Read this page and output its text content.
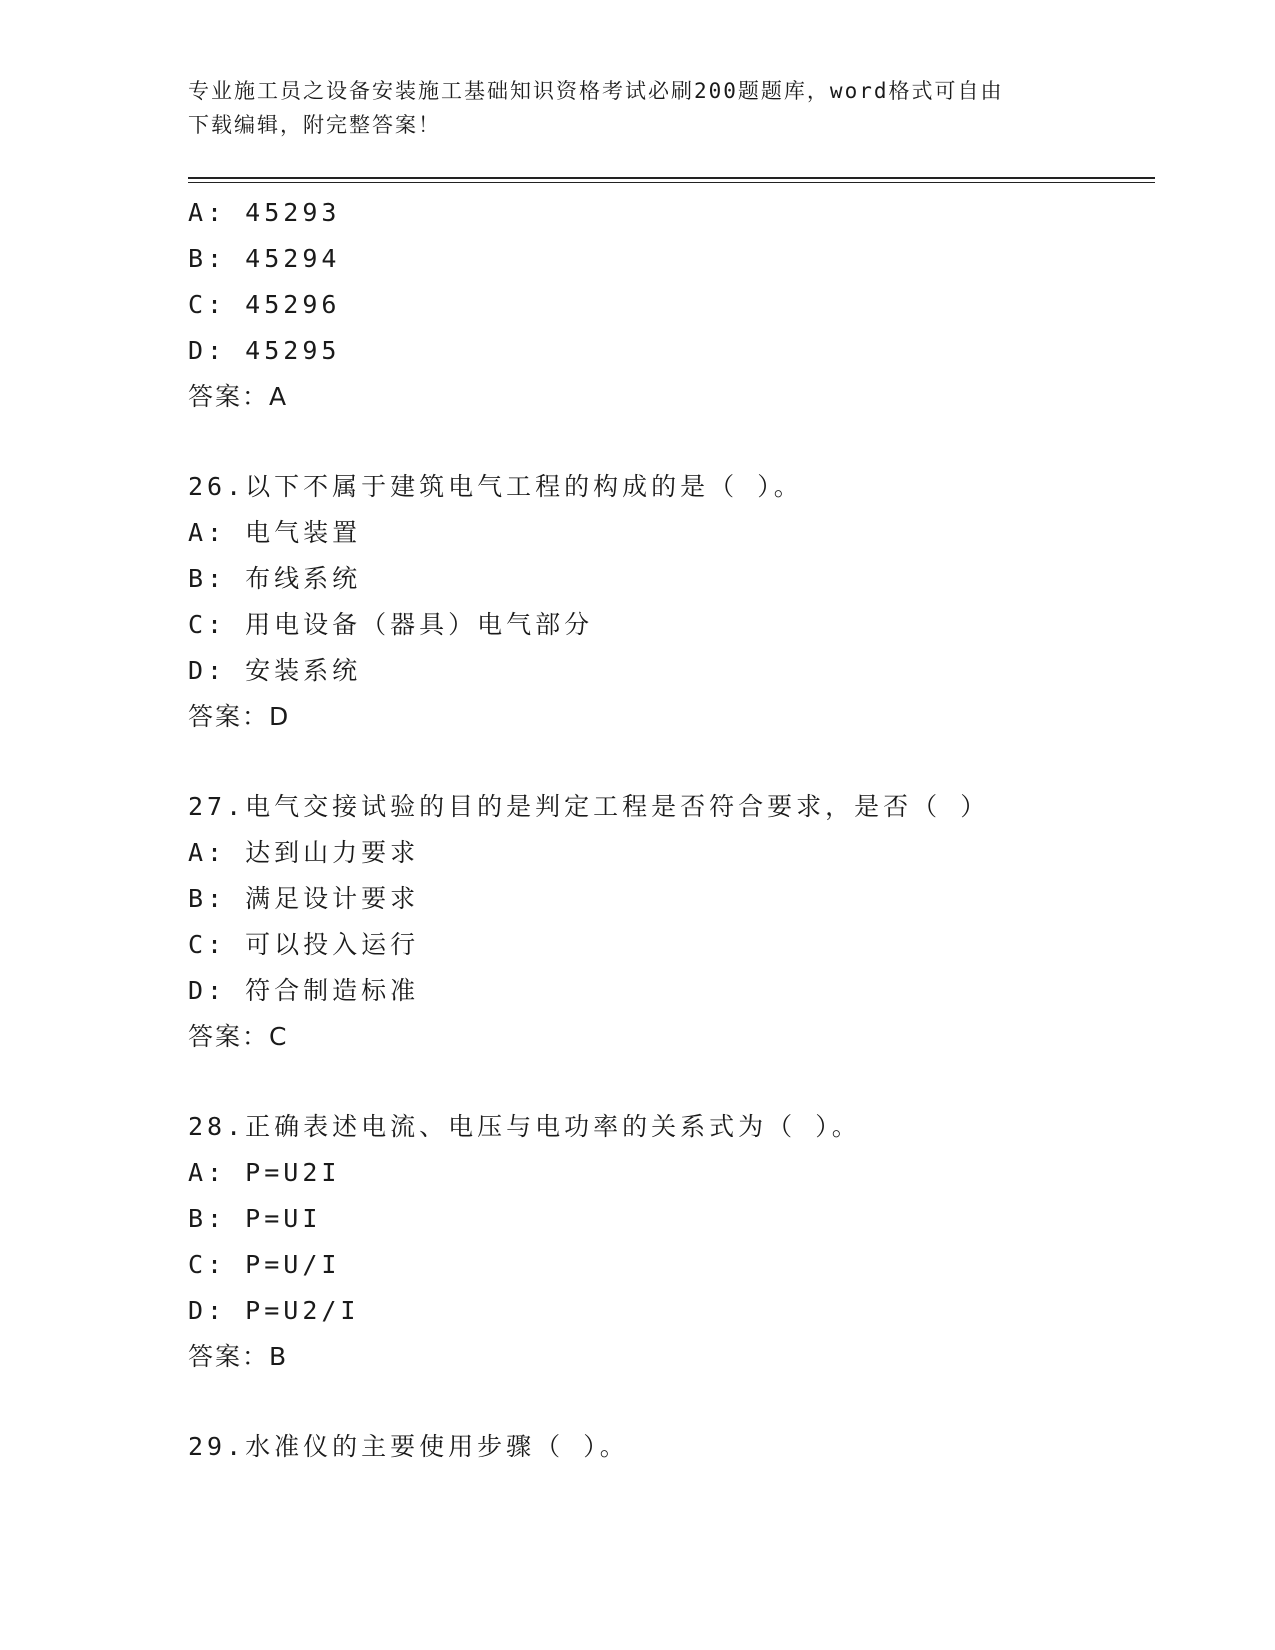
专业施工员之设备安装施工基础知识资格考试必刷200题题库，word格式可自由
下载编辑，附完整答案！
A: 45293
B: 45294
C: 45296
D: 45295
答案：A
26.以下不属于建筑电气工程的构成的是（ ）。
A: 电气装置
B: 布线系统
C: 用电设备（器具）电气部分
D: 安装系统
答案：D
27.电气交接试验的目的是判定工程是否符合要求，是否（ ）
A: 达到山力要求
B: 满足设计要求
C: 可以投入运行
D: 符合制造标准
答案：C
28.正确表述电流、电压与电功率的关系式为（ ）。
A: P=U2I
B: P=UI
C: P=U/I
D: P=U2/I
答案：B
29.水准仪的主要使用步骤（ ）。
